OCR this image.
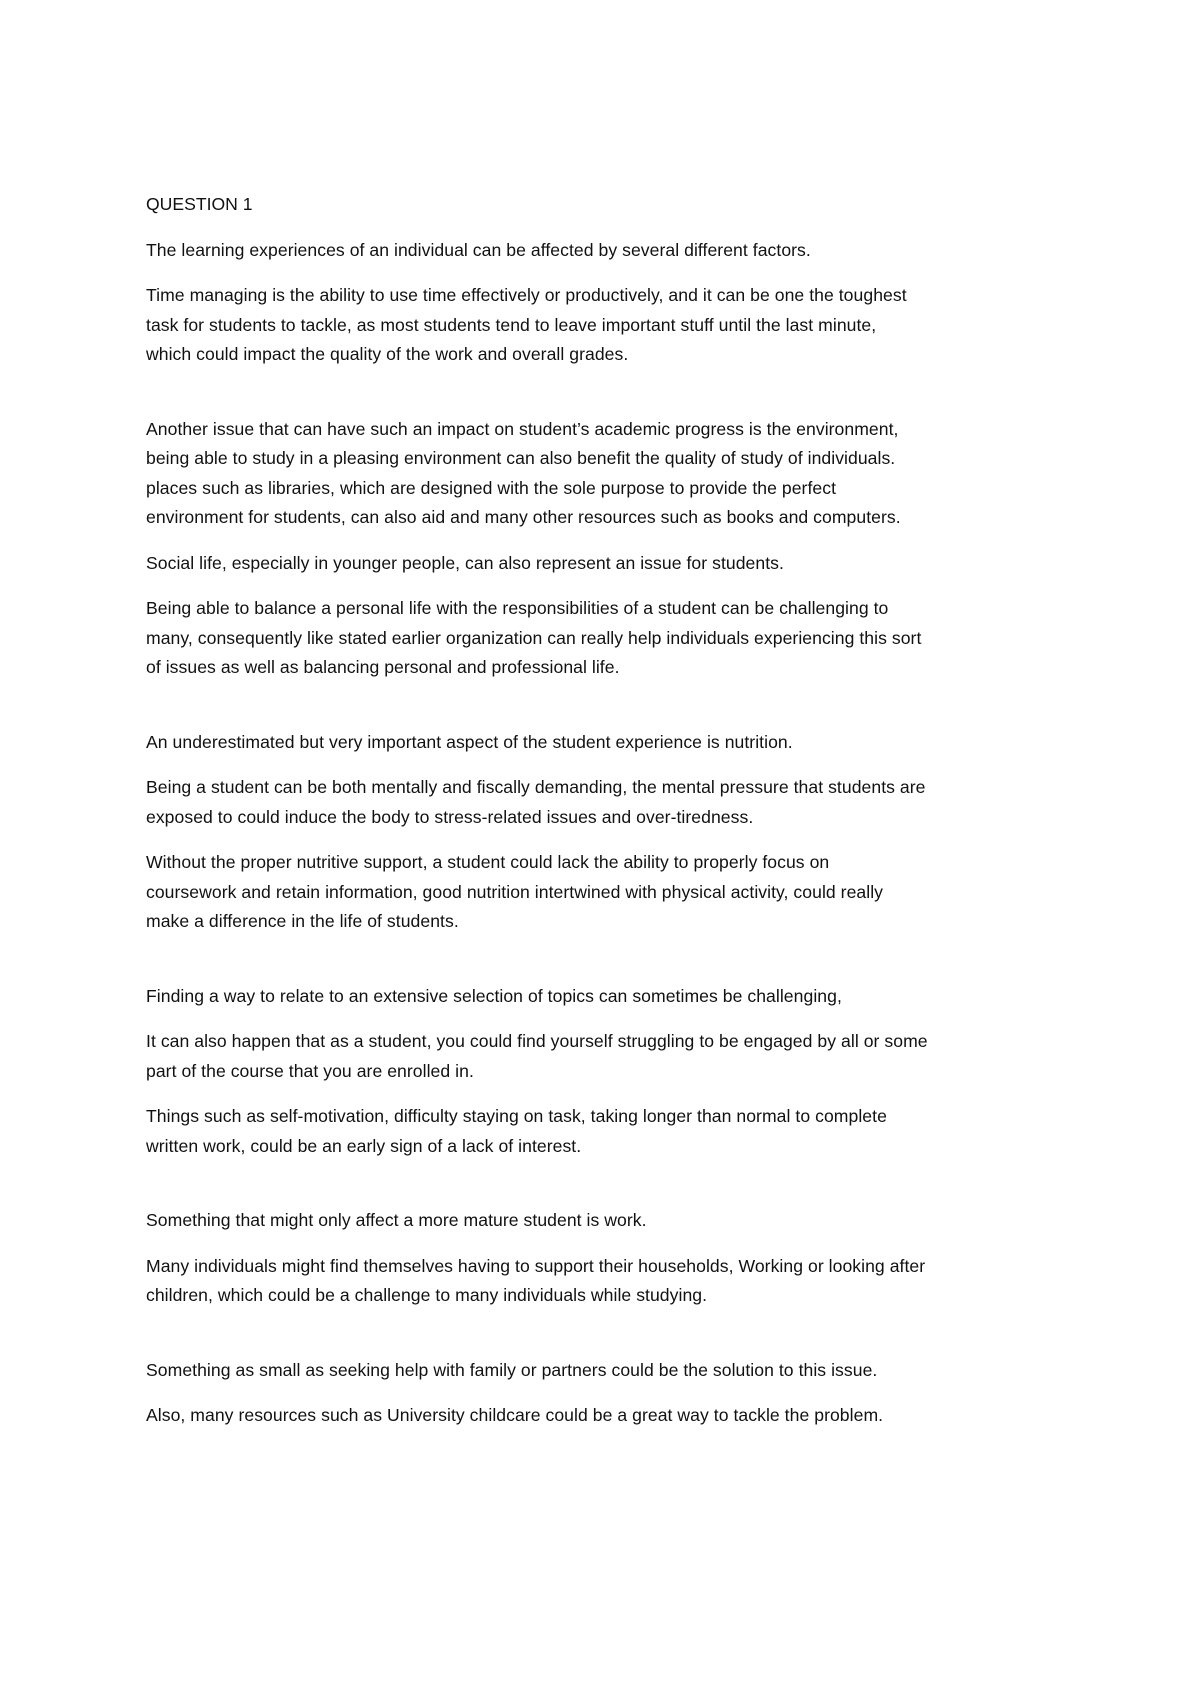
QUESTION 1

The learning experiences of an individual can be affected by several different factors.

Time managing is the ability to use time effectively or productively, and it can be one the toughest
task for students to tackle, as most students tend to leave important stuff until the last minute,
which could impact the quality of the work and overall grades.

Another issue that can have such an impact on student’s academic progress is the environment,
being able to study in a pleasing environment can also benefit the quality of study of individuals.
places such as libraries, which are designed with the sole purpose to provide the perfect
environment for students, can also aid and many other resources such as books and computers.

Social life, especially in younger people, can also represent an issue for students.

Being able to balance a personal life with the responsibilities of a student can be challenging to
many, consequently like stated earlier organization can really help individuals experiencing this sort
of issues as well as balancing personal and professional life.

An underestimated but very important aspect of the student experience is nutrition.

Being a student can be both mentally and fiscally demanding, the mental pressure that students are
exposed to could induce the body to stress-related issues and over-tiredness.

Without the proper nutritive support, a student could lack the ability to properly focus on
coursework and retain information, good nutrition intertwined with physical activity, could really
make a difference in the life of students.

Finding a way to relate to an extensive selection of topics can sometimes be challenging,

It can also happen that as a student, you could find yourself struggling to be engaged by all or some
part of the course that you are enrolled in.

Things such as self-motivation, difficulty staying on task, taking longer than normal to complete
written work, could be an early sign of a lack of interest.

Something that might only affect a more mature student is work.

Many individuals might find themselves having to support their households, Working or looking after
children, which could be a challenge to many individuals while studying.

Something as small as seeking help with family or partners could be the solution to this issue.

Also, many resources such as University childcare could be a great way to tackle the problem.
